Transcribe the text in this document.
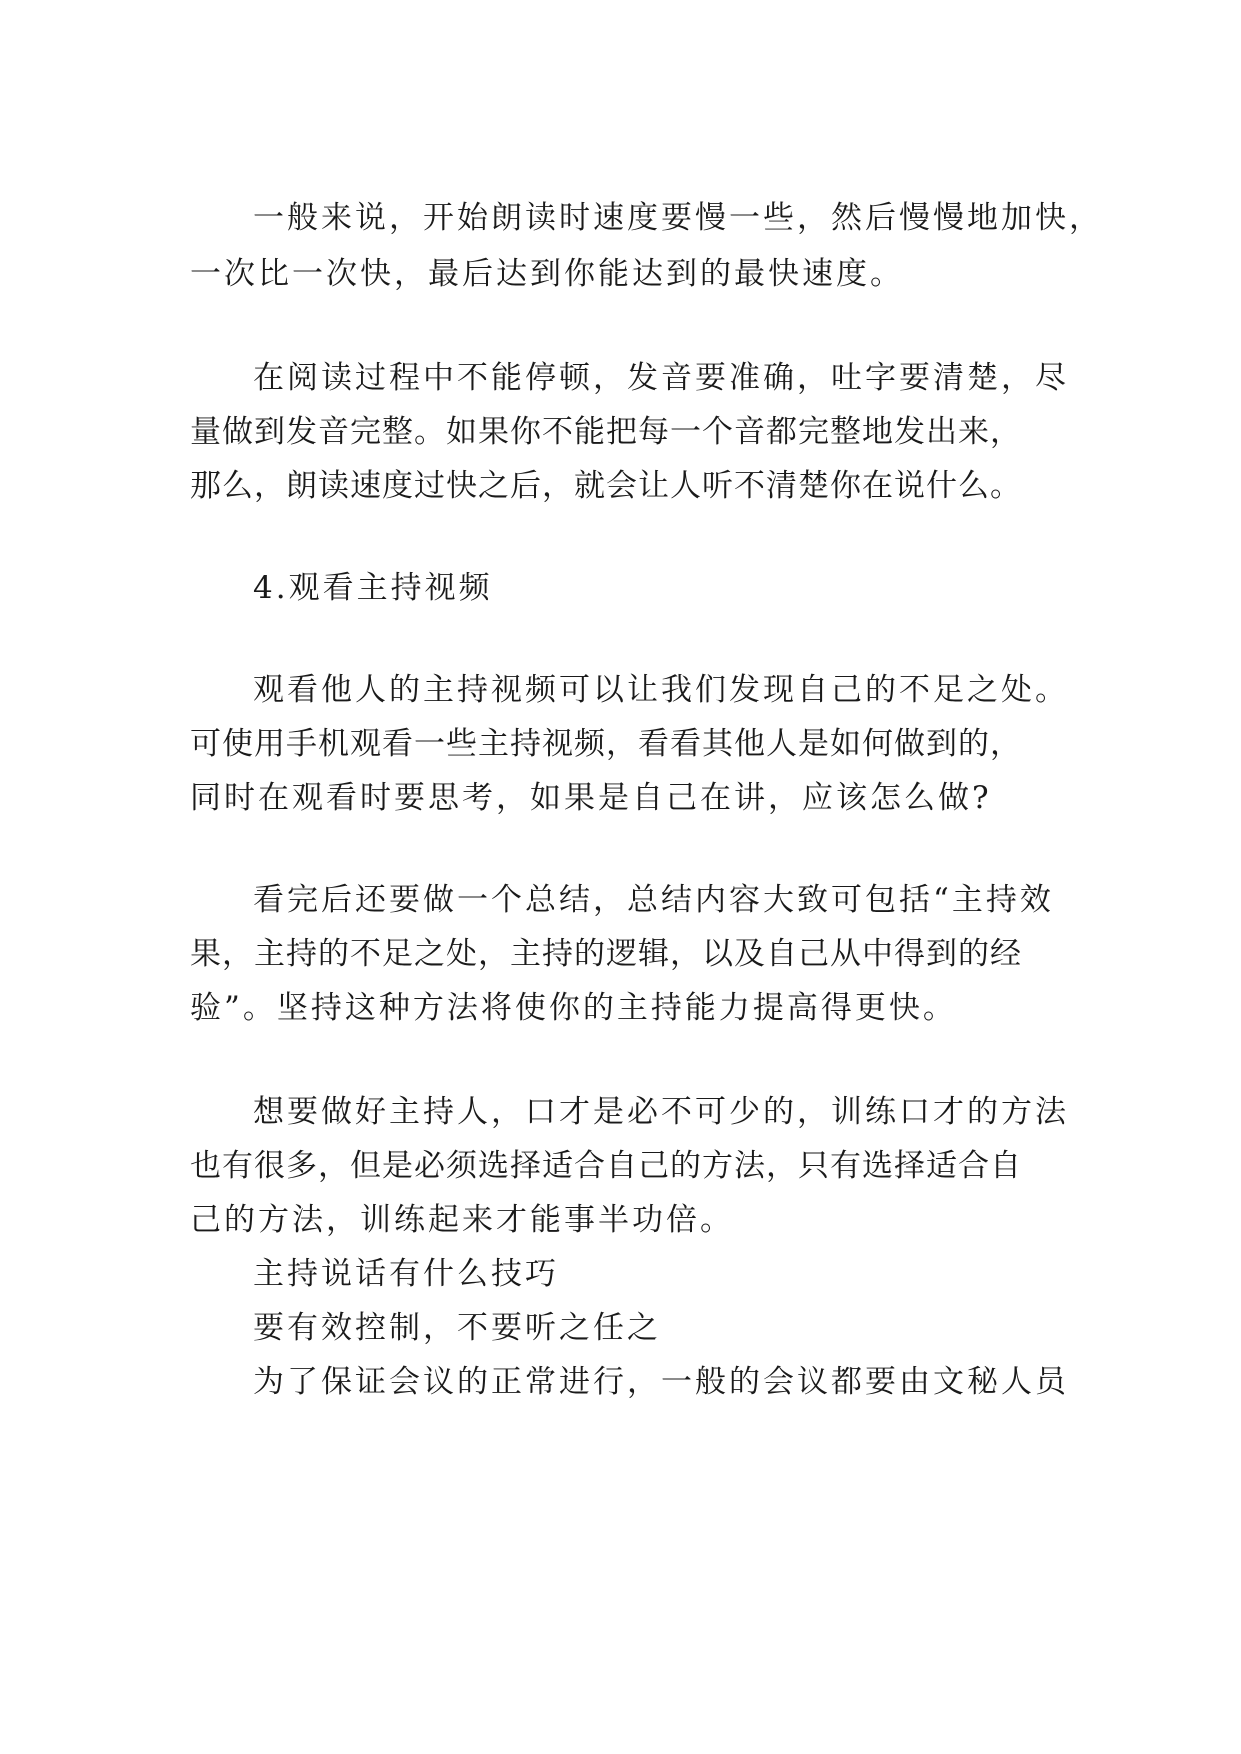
一般来说，开始朗读时速度要慢一些，然后慢慢地加快，
一次比一次快，最后达到你能达到的最快速度。
在阅读过程中不能停顿，发音要准确，吐字要清楚，尽
量做到发音完整。如果你不能把每一个音都完整地发出来，
那么，朗读速度过快之后，就会让人听不清楚你在说什么。
4.观看主持视频
观看他人的主持视频可以让我们发现自己的不足之处。
可使用手机观看一些主持视频，看看其他人是如何做到的，
同时在观看时要思考，如果是自己在讲，应该怎么做?
看完后还要做一个总结，总结内容大致可包括“主持效
果，主持的不足之处，主持的逻辑，以及自己从中得到的经
验”。坚持这种方法将使你的主持能力提高得更快。
想要做好主持人，口才是必不可少的，训练口才的方法
也有很多，但是必须选择适合自己的方法，只有选择适合自
己的方法，训练起来才能事半功倍。
主持说话有什么技巧
要有效控制，不要听之任之
为了保证会议的正常进行，一般的会议都要由文秘人员
